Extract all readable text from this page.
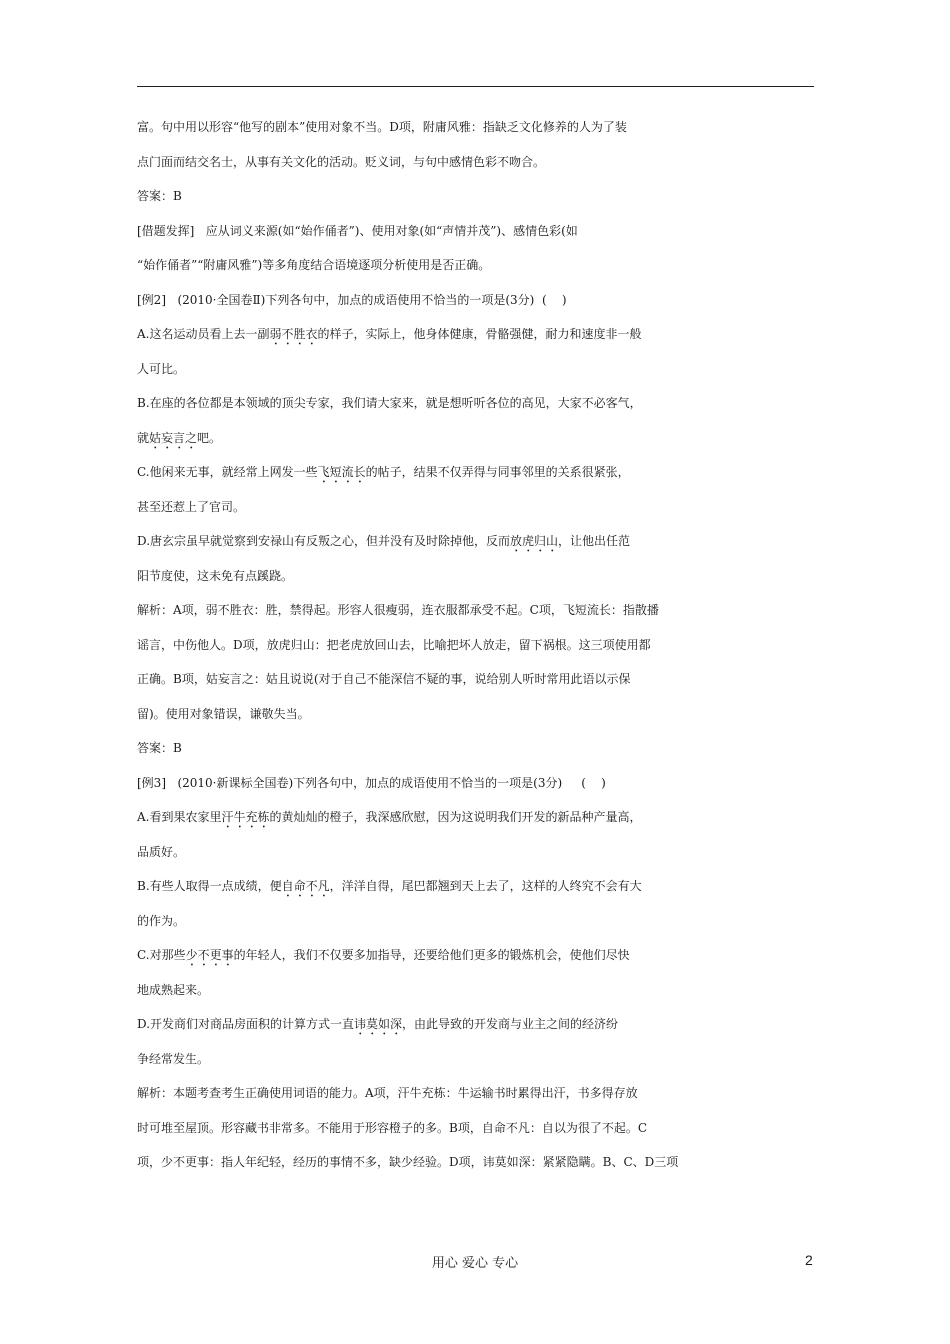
富。句中用以形容“他写的剧本”使用对象不当。D项，附庸风雅：指缺乏文化修养的人为了装
点门面而结交名士，从事有关文化的活动。贬义词，与句中感情色彩不吻合。
答案：B
[借题发挥]   应从词义来源(如“始作俑者”)、使用对象(如“声情并茂”)、感情色彩(如
“始作俑者”“附庸风雅”)等多角度结合语境逐项分析使用是否正确。
[例2]   (2010·全国卷Ⅱ)下列各句中，加点的成语使用不恰当的一项是(3分)  (    )
A.这名运动员看上去一副弱不胜衣的样子，实际上，他身体健康，骨骼强健，耐力和速度非一般
人可比。
B.在座的各位都是本领域的顶尖专家，我们请大家来，就是想听听各位的高见，大家不必客气，
就姑妄言之吧。
C.他闲来无事，就经常上网发一些飞短流长的帖子，结果不仅弄得与同事邻里的关系很紧张，
甚至还惹上了官司。
D.唐玄宗虽早就觉察到安禄山有反叛之心，但并没有及时除掉他，反而放虎归山，让他出任范
阳节度使，这未免有点蹊跷。
解析：A项，弱不胜衣：胜，禁得起。形容人很瘦弱，连衣服都承受不起。C项，飞短流长：指散播
谣言，中伤他人。D项，放虎归山：把老虎放回山去，比喻把坏人放走，留下祸根。这三项使用都
正确。B项，姑妄言之：姑且说说(对于自己不能深信不疑的事，说给别人听时常用此语以示保
留)。使用对象错误，谦敬失当。
答案：B
[例3]   (2010·新课标全国卷)下列各句中，加点的成语使用不恰当的一项是(3分)     (    )
A.看到果农家里汗牛充栋的黄灿灿的橙子，我深感欣慰，因为这说明我们开发的新品种产量高，
品质好。
B.有些人取得一点成绩，便自命不凡，洋洋自得，尾巴都翘到天上去了，这样的人终究不会有大
的作为。
C.对那些少不更事的年轻人，我们不仅要多加指导，还要给他们更多的锻炼机会，使他们尽快
地成熟起来。
D.开发商们对商品房面积的计算方式一直讳莫如深，由此导致的开发商与业主之间的经济纷
争经常发生。
解析：本题考查考生正确使用词语的能力。A项，汗牛充栋：牛运输书时累得出汗，书多得存放
时可堆至屋顶。形容藏书非常多。不能用于形容橙子的多。B项，自命不凡：自以为很了不起。C
项，少不更事：指人年纪轻，经历的事情不多，缺少经验。D项，讳莫如深：紧紧隐瞒。B、C、D三项
用心 爱心 专心	2
